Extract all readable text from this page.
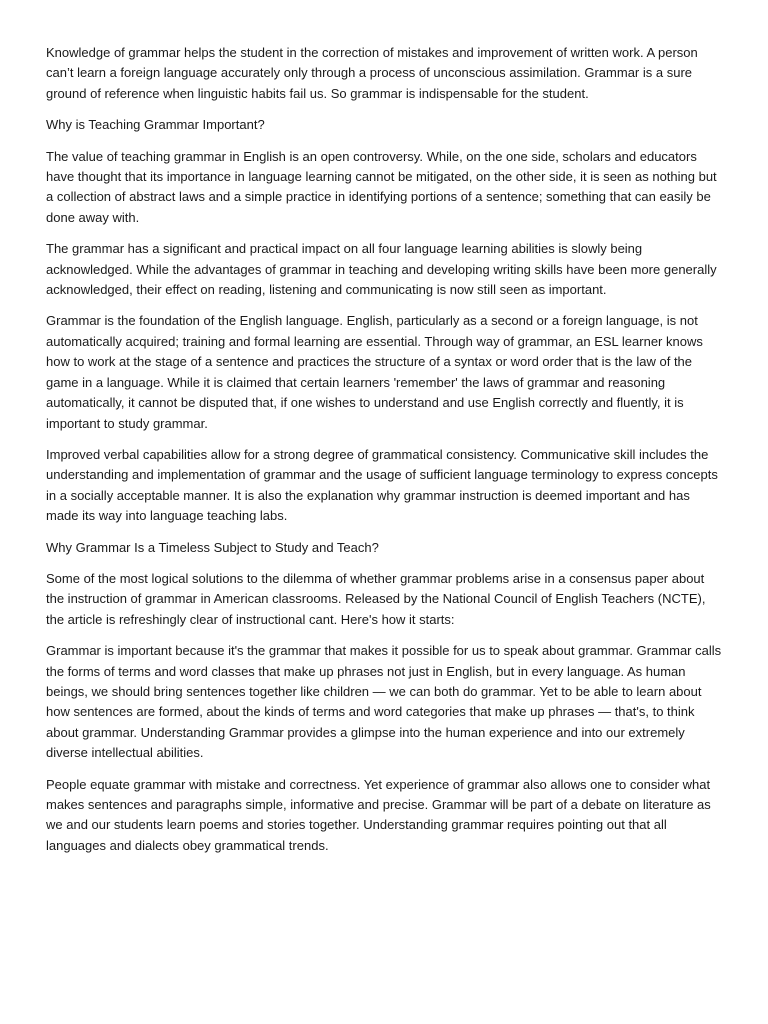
Knowledge of grammar helps the student in the correction of mistakes and improvement of written work. A person can’t learn a foreign language accurately only through a process of unconscious assimilation. Grammar is a sure ground of reference when linguistic habits fail us. So grammar is indispensable for the student.

Why is Teaching Grammar Important?

The value of teaching grammar in English is an open controversy. While, on the one side, scholars and educators have thought that its importance in language learning cannot be mitigated, on the other side, it is seen as nothing but a collection of abstract laws and a simple practice in identifying portions of a sentence; something that can easily be done away with.

The grammar has a significant and practical impact on all four language learning abilities is slowly being acknowledged. While the advantages of grammar in teaching and developing writing skills have been more generally acknowledged, their effect on reading, listening and communicating is now still seen as important.

Grammar is the foundation of the English language. English, particularly as a second or a foreign language, is not automatically acquired; training and formal learning are essential. Through way of grammar, an ESL learner knows how to work at the stage of a sentence and practices the structure of a syntax or word order that is the law of the game in a language. While it is claimed that certain learners 'remember' the laws of grammar and reasoning automatically, it cannot be disputed that, if one wishes to understand and use English correctly and fluently, it is important to study grammar.

Improved verbal capabilities allow for a strong degree of grammatical consistency. Communicative skill includes the understanding and implementation of grammar and the usage of sufficient language terminology to express concepts in a socially acceptable manner. It is also the explanation why grammar instruction is deemed important and has made its way into language teaching labs.

Why Grammar Is a Timeless Subject to Study and Teach?

Some of the most logical solutions to the dilemma of whether grammar problems arise in a consensus paper about the instruction of grammar in American classrooms. Released by the National Council of English Teachers (NCTE), the article is refreshingly clear of instructional cant. Here's how it starts:

Grammar is important because it's the grammar that makes it possible for us to speak about grammar. Grammar calls the forms of terms and word classes that make up phrases not just in English, but in every language. As human beings, we should bring sentences together like children — we can both do grammar. Yet to be able to learn about how sentences are formed, about the kinds of terms and word categories that make up phrases — that's, to think about grammar. Understanding Grammar provides a glimpse into the human experience and into our extremely diverse intellectual abilities.

People equate grammar with mistake and correctness. Yet experience of grammar also allows one to consider what makes sentences and paragraphs simple, informative and precise. Grammar will be part of a debate on literature as we and our students learn poems and stories together. Understanding grammar requires pointing out that all languages and dialects obey grammatical trends.
